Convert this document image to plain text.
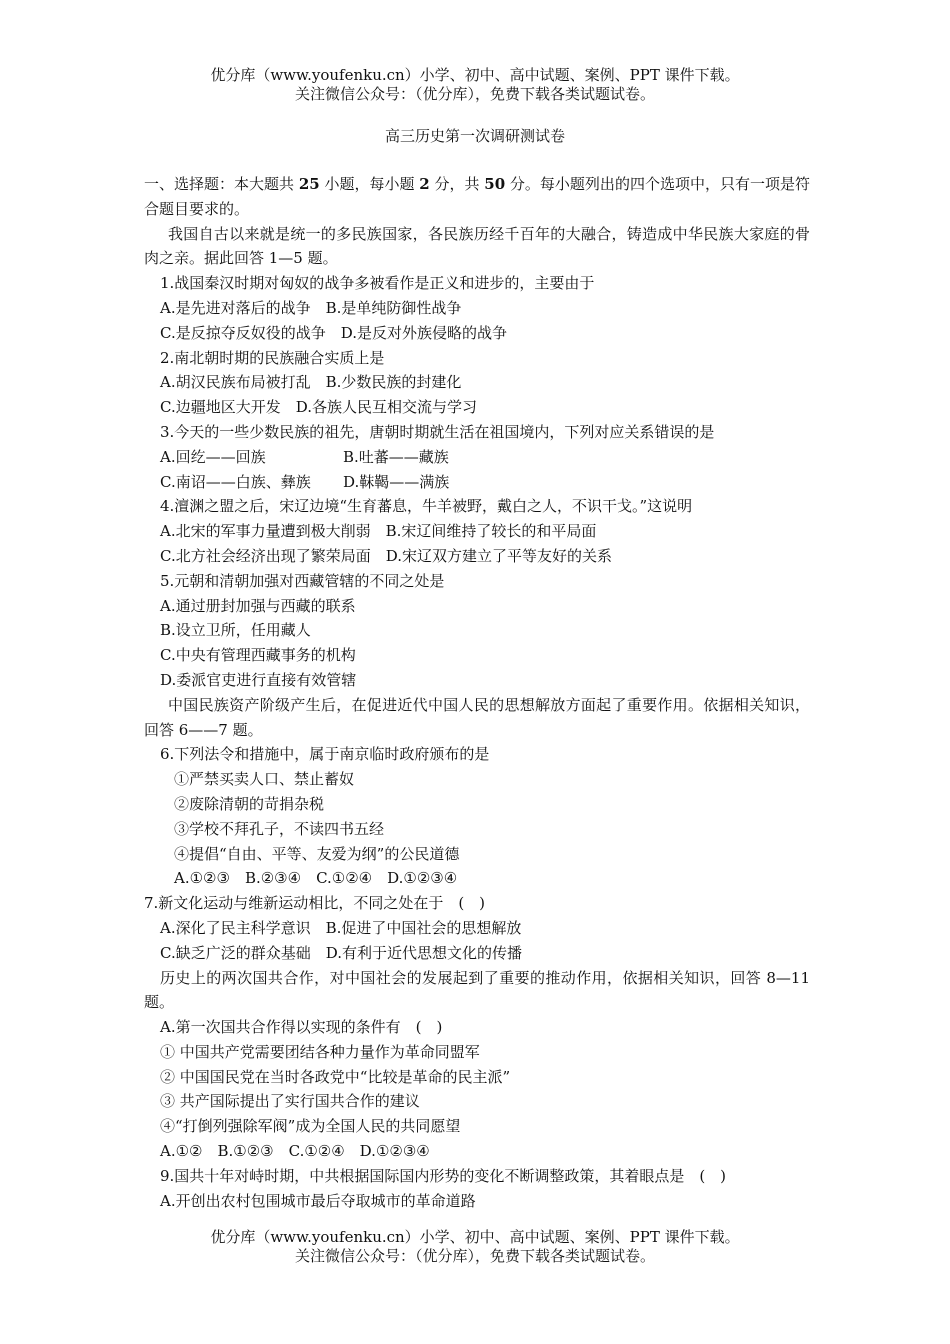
优分库（www.youfenku.cn）小学、初中、高中试题、案例、PPT 课件下载。
关注微信公众号：（优分库），免费下载各类试题试卷。
高三历史第一次调研测试卷

一、选择题：本大题共 25 小题，每小题 2 分，共 50 分。每小题列出的四个选项中，只有一项是符合题目要求的。

我国自古以来就是统一的多民族国家，各民族历经千百年的大融合，铸造成中华民族大家庭的骨肉之亲。据此回答 1—5 题。

1.战国秦汉时期对匈奴的战争多被看作是正义和进步的，主要由于

A.是先进对落后的战争　B.是单纯防御性战争

C.是反掠夺反奴役的战争　D.是反对外族侵略的战争

2.南北朝时期的民族融合实质上是

A.胡汉民族布局被打乱　B.少数民族的封建化

C.边疆地区大开发　D.各族人民互相交流与学习

3.今天的一些少数民族的祖先，唐朝时期就生活在祖国境内，下列对应关系错误的是

A.回纥——回族	B.吐蕃——藏族

C.南诏——白族、彝族 D.靺鞨——满族

4.澶渊之盟之后，宋辽边境“生育蕃息，牛羊被野，戴白之人，不识干戈。”这说明

A.北宋的军事力量遭到极大削弱　B.宋辽间维持了较长的和平局面

C.北方社会经济出现了繁荣局面　D.宋辽双方建立了平等友好的关系

5.元朝和清朝加强对西藏管辖的不同之处是

A.通过册封加强与西藏的联系

B.设立卫所，任用藏人

C.中央有管理西藏事务的机构

D.委派官吏进行直接有效管辖

中国民族资产阶级产生后，在促进近代中国人民的思想解放方面起了重要作用。依据相关知识，回答 6——7 题。

6.下列法令和措施中，属于南京临时政府颁布的是

①严禁买卖人口、禁止蓄奴

②废除清朝的苛捐杂税

③学校不拜孔子，不读四书五经

④提倡“自由、平等、友爱为纲”的公民道德

A.①②③　B.②③④　C.①②④　D.①②③④

7.新文化运动与维新运动相比，不同之处在于　(　)

A.深化了民主科学意识　B.促进了中国社会的思想解放

C.缺乏广泛的群众基础　D.有利于近代思想文化的传播

历史上的两次国共合作，对中国社会的发展起到了重要的推动作用，依据相关知识，回答 8—11 题。

A.第一次国共合作得以实现的条件有　(　)

① 中国共产党需要团结各种力量作为革命同盟军

② 中国国民党在当时各政党中“比较是革命的民主派”

③ 共产国际提出了实行国共合作的建议

④“打倒列强除军阀”成为全国人民的共同愿望

A.①②　B.①②③　C.①②④　D.①②③④

9.国共十年对峙时期，中共根据国际国内形势的变化不断调整政策，其着眼点是　(　)

A.开创出农村包围城市最后夺取城市的革命道路

优分库（www.youfenku.cn）小学、初中、高中试题、案例、PPT 课件下载。
关注微信公众号：（优分库），免费下载各类试题试卷。
